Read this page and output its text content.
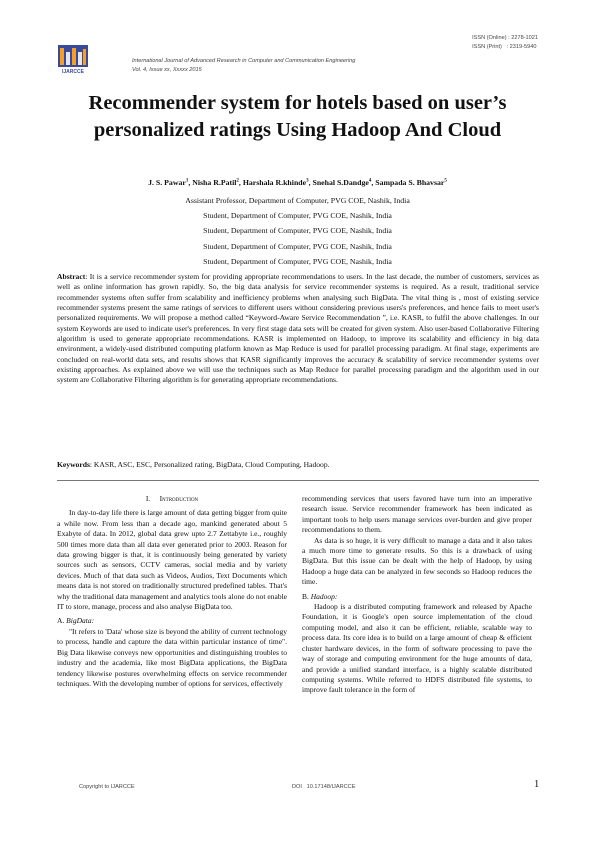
ISSN (Online) : 2278-1021
ISSN (Print)   : 2319-5940
IJARCCE
International Journal of Advanced Research in Computer and Communication Engineering
Vol. 4, Issue xx, Xxxxx 2015
Recommender system for hotels based on user’s personalized ratings Using Hadoop And Cloud
J. S. Pawar$^1$, Nisha R.Patil$^2$, Harshala R.khinde$^3$, Snehal S.Dandge$^4$, Sampada S. Bhavsar$^5$
Assistant Professor, Department of Computer, PVG COE, Nashik, India
Student, Department of Computer, PVG COE, Nashik, India
Student, Department of Computer, PVG COE, Nashik, India
Student, Department of Computer, PVG COE, Nashik, India
Student, Department of Computer, PVG COE, Nashik, India
Abstract: It is a service recommender system for providing appropriate recommendations to users. In the last decade, the number of customers, services as well as online information has grown rapidly. So, the big data analysis for service recommender systems is required. As a result, traditional service recommender systems often suffer from scalability and inefficiency problems when analysing such BigData. The vital thing is , most of existing service recommender systems present the same ratings of services to different users without considering previous users's preferences, and hence fails to meet user's personalized requirements. We will propose a method called “Keyword-Aware Service Recommendation ”, i.e. KASR, to fulfil the above challenges. In our system Keywords are used to indicate user's preferences. In very first stage data sets will be created for given system. Also user-based Collaborative Filtering algorithm is used to generate appropriate recommendations. KASR is implemented on Hadoop, to improve its scalability and efficiency in big data environment, a widely-used distributed computing platform known as Map Reduce is used for parallel processing paradigm. At final stage, experiments are concluded on real-world data sets, and results shows that KASR significantly improves the accuracy & scalability of service recommender systems over existing approaches. As explained above we will use the techniques such as Map Reduce for parallel processing paradigm and the algorithm used in our system are Collaborative Filtering algorithm is for generating appropriate recommendations.
Keywords: KASR, ASC, ESC, Personalized rating, BigData, Cloud Computing, Hadoop.

I. Introduction

In day-to-day life there is large amount of data getting bigger from quite a while now. From less than a decade ago, mankind generated about 5 Exabyte of data. In 2012, global data grew upto 2.7 Zettabyte i.e., roughly 500 times more data than all data ever generated prior to 2003. Reason for data growing bigger is that, it is continuously being generated by variety sources such as sensors, CCTV cameras, social media and by variety devices. Much of that data such as Videos, Audios, Text Documents which means data is not stored on traditionally structured predefined tables. That's why the traditional data management and analytics tools alone do not enable IT to store, manage, process and also analyse BigData too.

A. BigData:

"It refers to 'Data' whose size is beyond the ability of current technology to process, handle and capture the data within particular instance of time". Big Data likewise conveys new opportunities and distinguishing troubles to industry and the academia, like most BigData applications, the BigData tendency likewise postures overwhelming effects on service recommender techniques. With the developing number of options for services, effectively

recommending services that users favored have turn into an imperative research issue. Service recommender framework has been indicated as important tools to help users manage services over-burden and give proper recommendations to them.

As data is so huge, it is very difficult to manage a data and it also takes a much more time to generate results. So this is a drawback of using BigData. But this issue can be dealt with the help of Hadoop, by using Hadoop a huge data can be analyzed in few seconds so Hadoop reduces the time.

B. Hadoop:

Hadoop is a distributed computing framework and released by Apache Foundation, it is Google's open source implementation of the cloud computing model, and also it can be efficient, reliable, scalable way to process data. Its core idea is to build on a large amount of cheap & efficient cluster hardware devices, in the form of software processing to pave the way of storage and computing environment for the huge amounts of data, and provide a unified standard interface, is a highly scalable distributed computing systems. While referred to HDFS distributed file systems, to improve fault tolerance in the form of

Copyright to IJARCCE	DOI   10.17148/IJARCCE	1
